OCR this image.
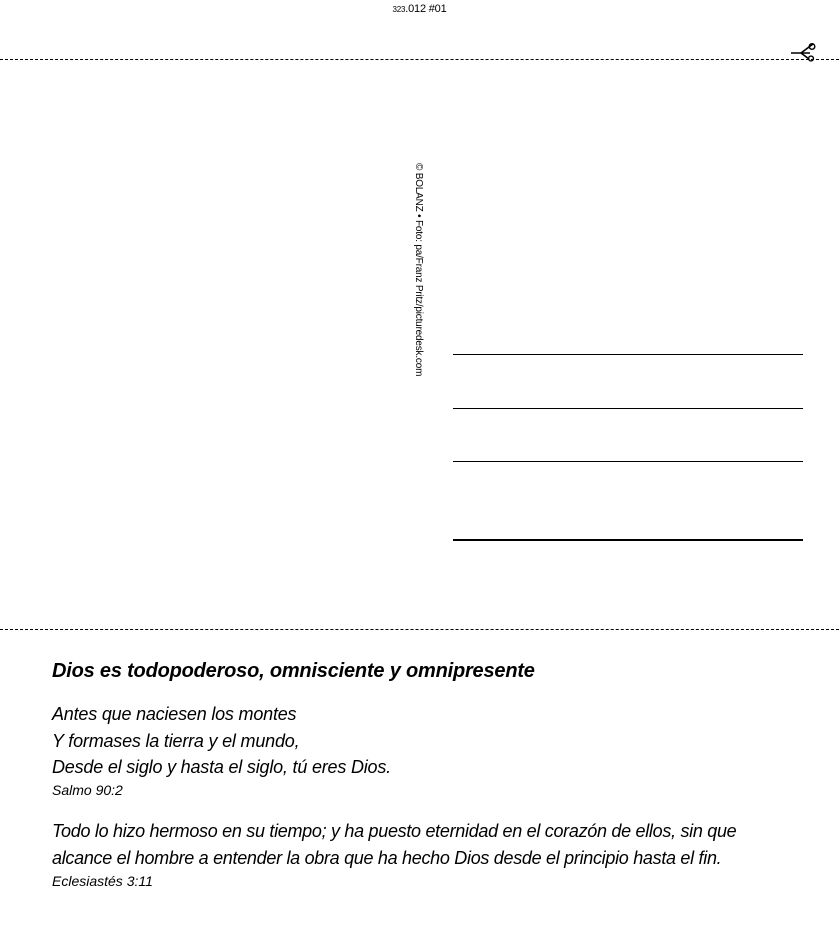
323.012 #01
© BOLANZ • Foto: pa/Franz Pritz/picturedesk.com
Dios es todopoderoso, omnisciente y omnipresente
Antes que naciesen los montes
Y formases la tierra y el mundo,
Desde el siglo y hasta el siglo, tú eres Dios.
Salmo 90:2
Todo lo hizo hermoso en su tiempo; y ha puesto eternidad en el corazón de ellos, sin que
alcance el hombre a entender la obra que ha hecho Dios desde el principio hasta el fin.
Eclesiastés 3:11
